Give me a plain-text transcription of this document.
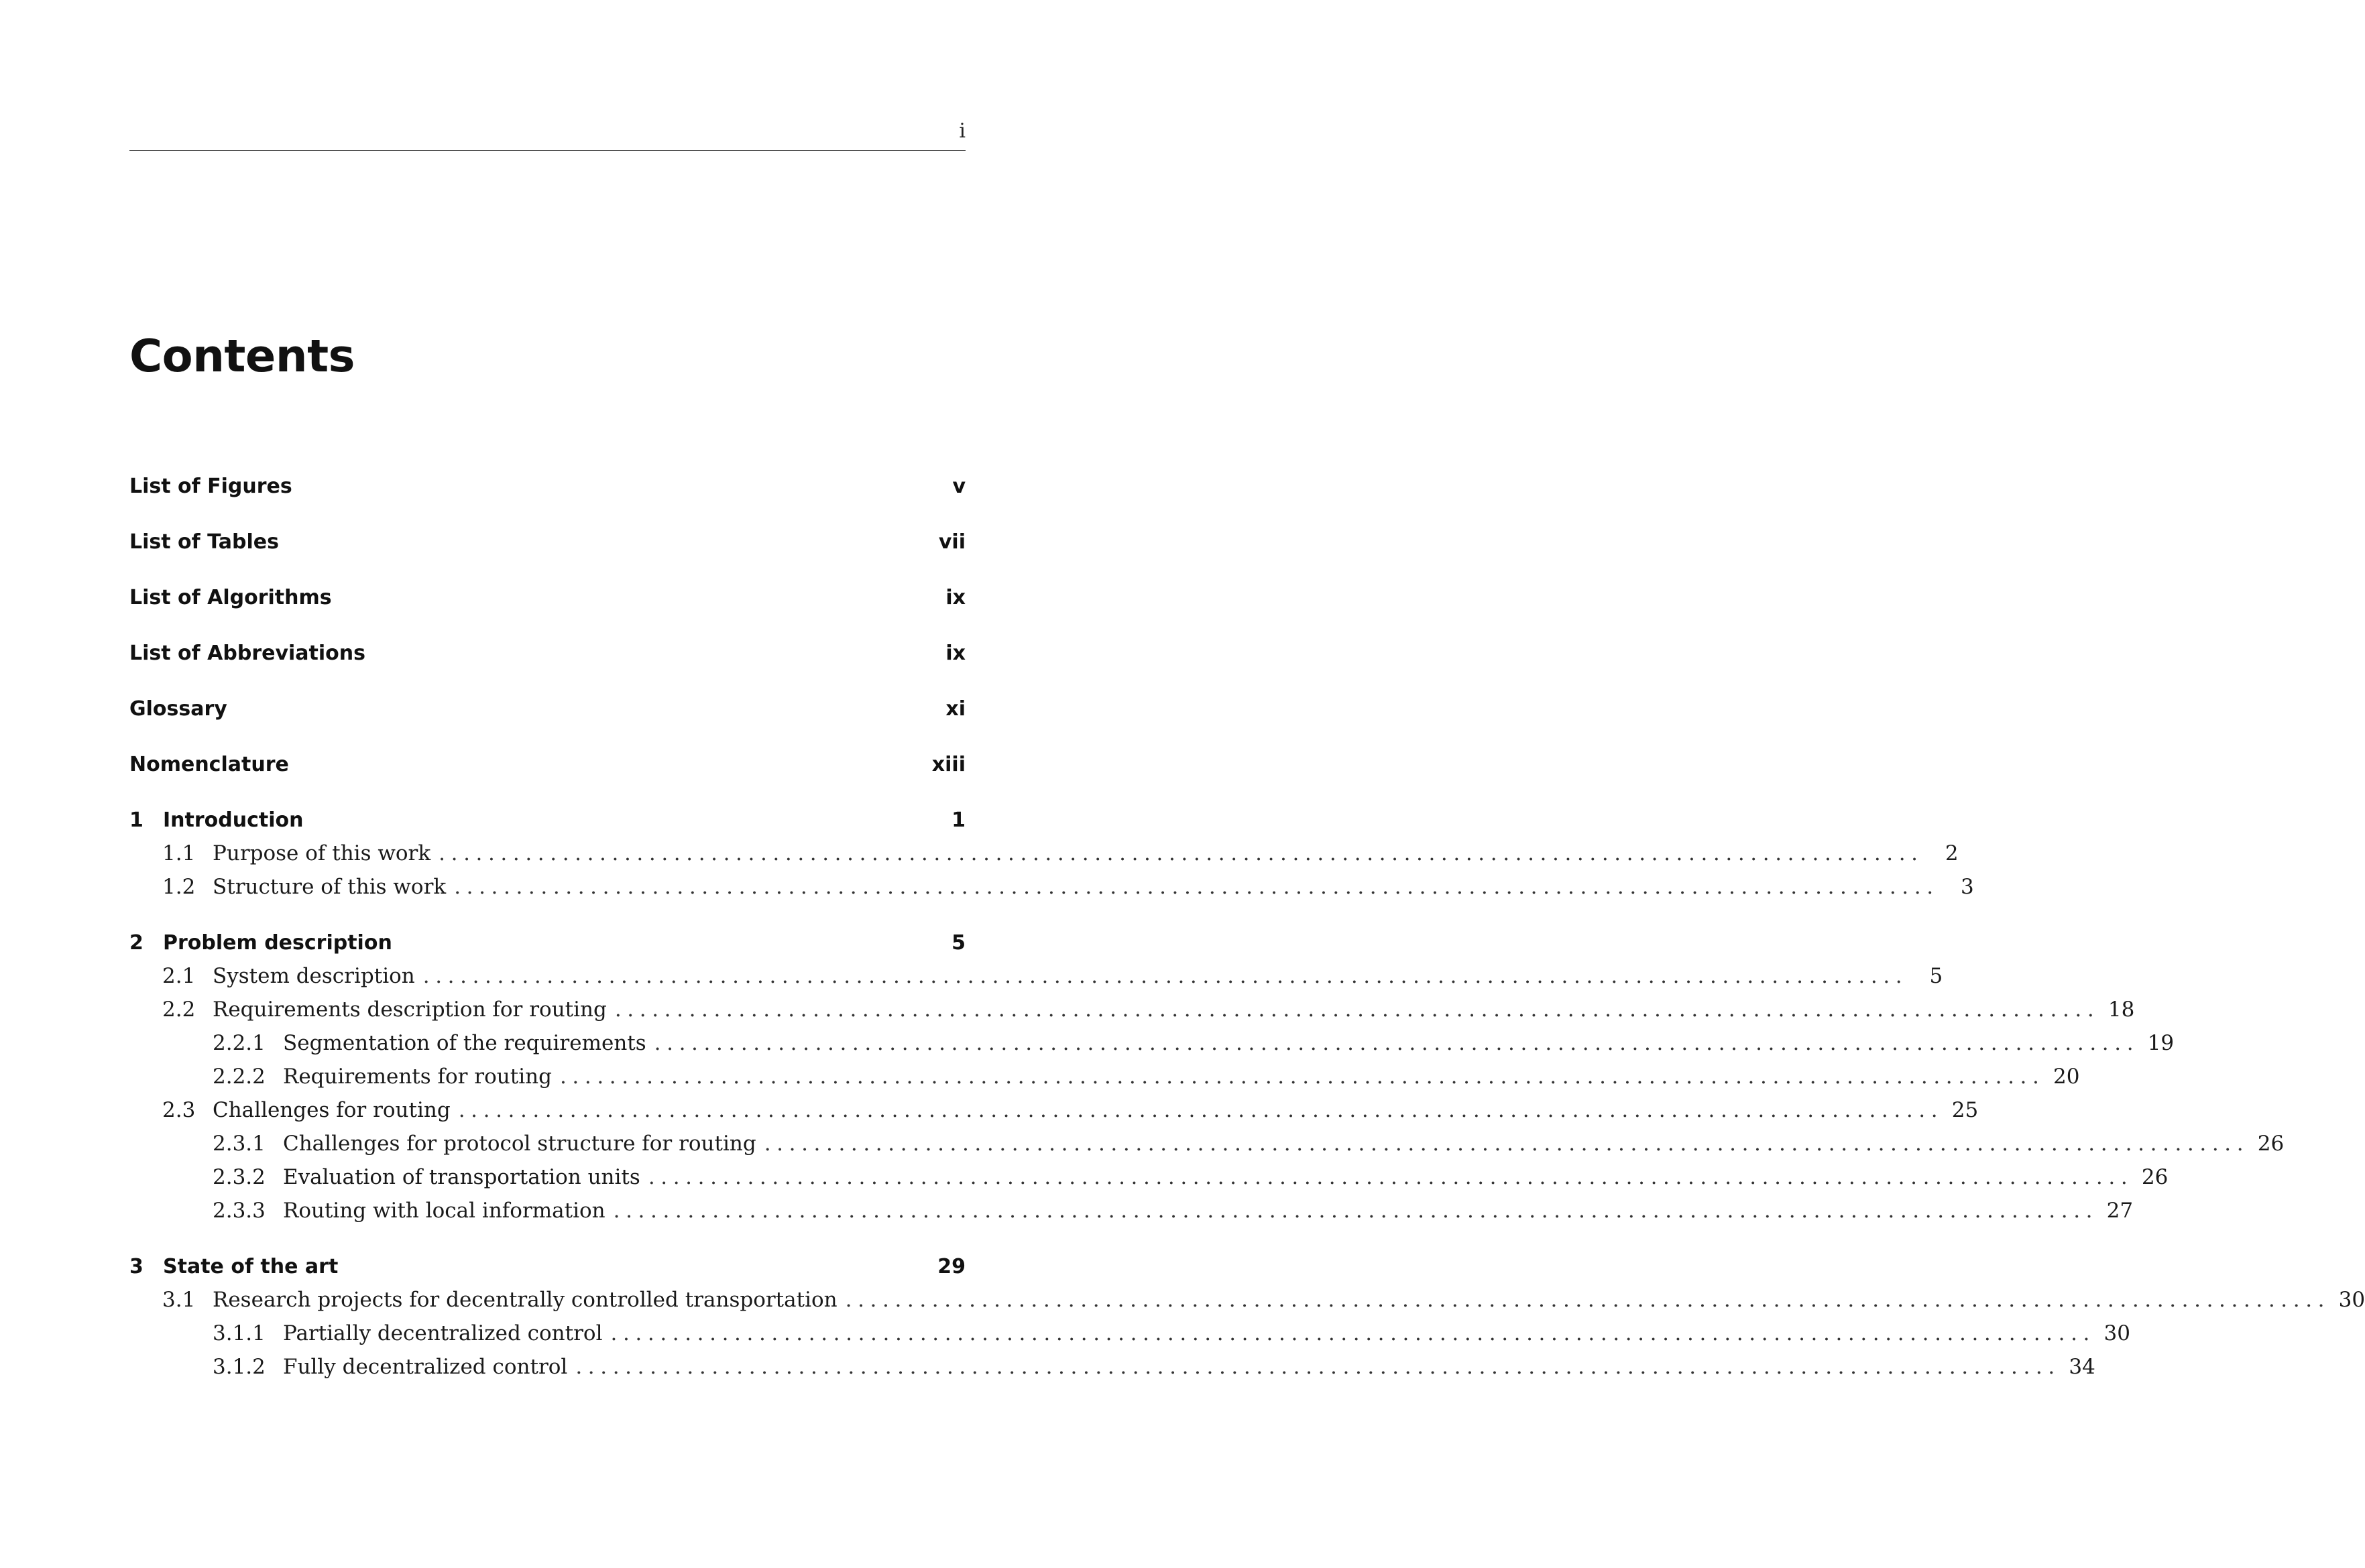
i
Contents
List of Figures	v
List of Tables	vii
List of Algorithms	ix
List of Abbreviations	ix
Glossary	xi
Nomenclature	xiii
1 Introduction	1
1.1 Purpose of this work ........................................................................................................................	2
1.2 Structure of this work ........................................................................................................................	3
2 Problem description	5
2.1 System description ........................................................................................................................	5
2.2 Requirements description for routing ........................................................................................................................ 18
2.2.1 Segmentation of the requirements ........................................................................................................................ 19
2.2.2 Requirements for routing ........................................................................................................................ 20
2.3 Challenges for routing ........................................................................................................................ 25
2.3.1 Challenges for protocol structure for routing ........................................................................................................................ 26
2.3.2 Evaluation of transportation units ........................................................................................................................ 26
2.3.3 Routing with local information ........................................................................................................................ 27
3 State of the art	29
3.1 Research projects for decentrally controlled transportation ........................................................................................................................ 30
3.1.1 Partially decentralized control ........................................................................................................................ 30
3.1.2 Fully decentralized control ........................................................................................................................ 34
